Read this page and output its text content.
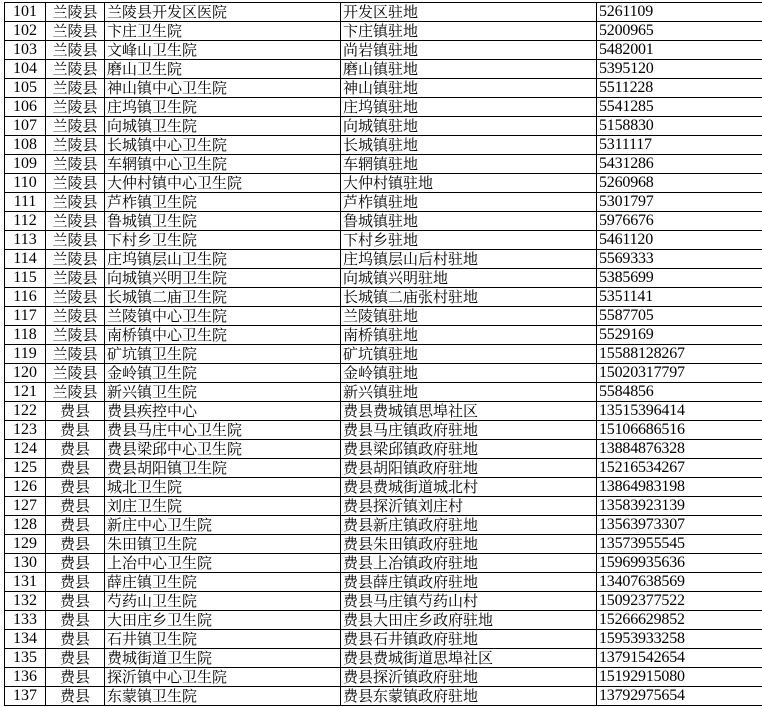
101	兰陵县	兰陵县开发区医院	开发区驻地	5261109
102	兰陵县	卞庄卫生院	卞庄镇驻地	5200965
103	兰陵县	文峰山卫生院	尚岩镇驻地	5482001
104	兰陵县	磨山卫生院	磨山镇驻地	5395120
105	兰陵县	神山镇中心卫生院	神山镇驻地	5511228
106	兰陵县	庄坞镇卫生院	庄坞镇驻地	5541285
107	兰陵县	向城镇卫生院	向城镇驻地	5158830
108	兰陵县	长城镇中心卫生院	长城镇驻地	5311117
109	兰陵县	车辋镇中心卫生院	车辋镇驻地	5431286
110	兰陵县	大仲村镇中心卫生院	大仲村镇驻地	5260968
111	兰陵县	芦柞镇卫生院	芦柞镇驻地	5301797
112	兰陵县	鲁城镇卫生院	鲁城镇驻地	5976676
113	兰陵县	下村乡卫生院	下村乡驻地	5461120
114	兰陵县	庄坞镇层山卫生院	庄坞镇层山后村驻地	5569333
115	兰陵县	向城镇兴明卫生院	向城镇兴明驻地	5385699
116	兰陵县	长城镇二庙卫生院	长城镇二庙张村驻地	5351141
117	兰陵县	兰陵镇中心卫生院	兰陵镇驻地	5587705
118	兰陵县	南桥镇中心卫生院	南桥镇驻地	5529169
119	兰陵县	矿坑镇卫生院	矿坑镇驻地	15588128267
120	兰陵县	金岭镇卫生院	金岭镇驻地	15020317797
121	兰陵县	新兴镇卫生院	新兴镇驻地	5584856
122	费县	费县疾控中心	费县费城镇思埠社区	13515396414
123	费县	费县马庄中心卫生院	费县马庄镇政府驻地	15106686516
124	费县	费县梁邱中心卫生院	费县梁邱镇政府驻地	13884876328
125	费县	费县胡阳镇卫生院	费县胡阳镇政府驻地	15216534267
126	费县	城北卫生院	费县费城街道城北村	13864983198
127	费县	刘庄卫生院	费县探沂镇刘庄村	13583923139
128	费县	新庄中心卫生院	费县新庄镇政府驻地	13563973307
129	费县	朱田镇卫生院	费县朱田镇政府驻地	13573955545
130	费县	上冶中心卫生院	费县上冶镇政府驻地	15969935636
131	费县	薛庄镇卫生院	费县薛庄镇政府驻地	13407638569
132	费县	芍药山卫生院	费县马庄镇芍药山村	15092377522
133	费县	大田庄乡卫生院	费县大田庄乡政府驻地	15266629852
134	费县	石井镇卫生院	费县石井镇政府驻地	15953933258
135	费县	费城街道卫生院	费县费城街道思埠社区	13791542654
136	费县	探沂镇中心卫生院	费县探沂镇政府驻地	15192915080
137	费县	东蒙镇卫生院	费县东蒙镇政府驻地	13792975654
